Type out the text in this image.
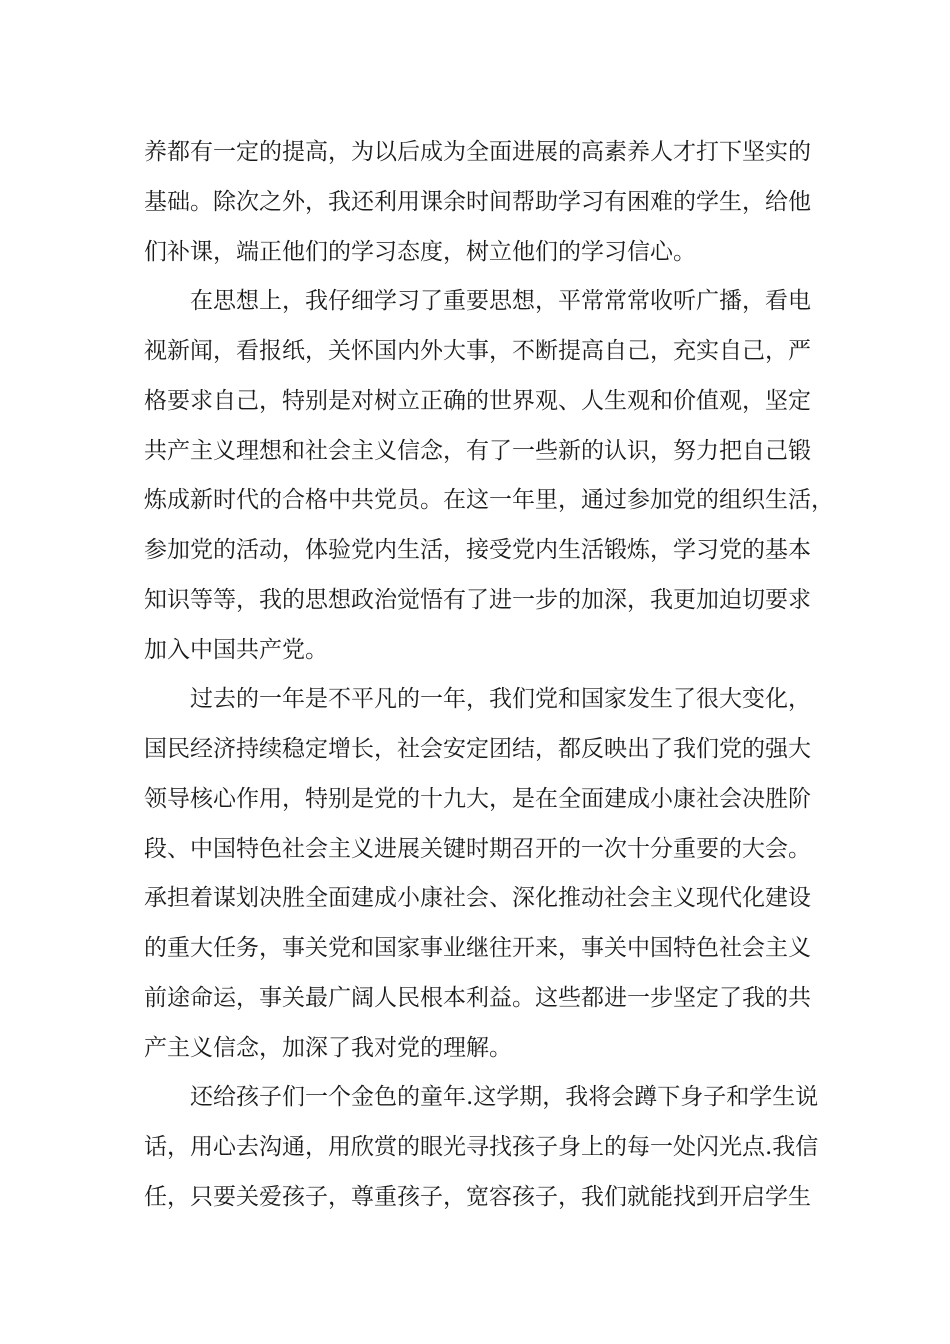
养都有一定的提高，为以后成为全面进展的高素养人才打下坚实的
基础。除次之外，我还利用课余时间帮助学习有困难的学生，给他
们补课，端正他们的学习态度，树立他们的学习信心。
在思想上，我仔细学习了重要思想，平常常常收听广播，看电
视新闻，看报纸，关怀国内外大事，不断提高自己，充实自己，严
格要求自己，特别是对树立正确的世界观、人生观和价值观，坚定
共产主义理想和社会主义信念，有了一些新的认识，努力把自己锻
炼成新时代的合格中共党员。在这一年里，通过参加党的组织生活，
参加党的活动，体验党内生活，接受党内生活锻炼，学习党的基本
知识等等，我的思想政治觉悟有了进一步的加深，我更加迫切要求
加入中国共产党。
过去的一年是不平凡的一年，我们党和国家发生了很大变化，
国民经济持续稳定增长，社会安定团结，都反映出了我们党的强大
领导核心作用，特别是党的十九大，是在全面建成小康社会决胜阶
段、中国特色社会主义进展关键时期召开的一次十分重要的大会。
承担着谋划决胜全面建成小康社会、深化推动社会主义现代化建设
的重大任务，事关党和国家事业继往开来，事关中国特色社会主义
前途命运，事关最广阔人民根本利益。这些都进一步坚定了我的共
产主义信念，加深了我对党的理解。
还给孩子们一个金色的童年.这学期，我将会蹲下身子和学生说
话，用心去沟通，用欣赏的眼光寻找孩子身上的每一处闪光点.我信
任，只要关爱孩子，尊重孩子，宽容孩子，我们就能找到开启学生
